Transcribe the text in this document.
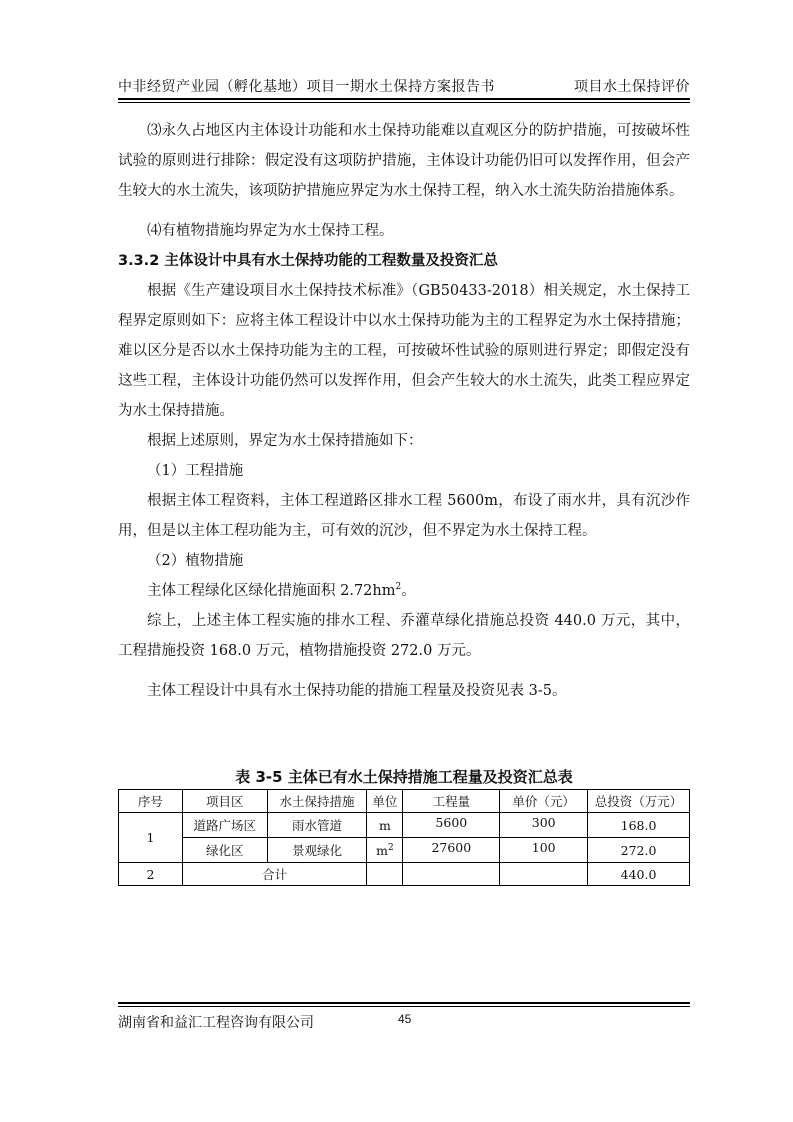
中非经贸产业园（孵化基地）项目一期水土保持方案报告书	项目水土保持评价

⑶永久占地区内主体设计功能和水土保持功能难以直观区分的防护措施，可按破坏性试验的原则进行排除：假定没有这项防护措施，主体设计功能仍旧可以发挥作用，但会产生较大的水土流失，该项防护措施应界定为水土保持工程，纳入水土流失防治措施体系。

⑷有植物措施均界定为水土保持工程。

3.3.2 主体设计中具有水土保持功能的工程数量及投资汇总

根据《生产建设项目水土保持技术标准》（GB50433-2018）相关规定，水土保持工程界定原则如下：应将主体工程设计中以水土保持功能为主的工程界定为水土保持措施；难以区分是否以水土保持功能为主的工程，可按破坏性试验的原则进行界定；即假定没有这些工程，主体设计功能仍然可以发挥作用，但会产生较大的水土流失，此类工程应界定为水土保持措施。

根据上述原则，界定为水土保持措施如下：

（1）工程措施

根据主体工程资料，主体工程道路区排水工程 5600m，布设了雨水井，具有沉沙作用，但是以主体工程功能为主，可有效的沉沙，但不界定为水土保持工程。

（2）植物措施

主体工程绿化区绿化措施面积 $2.72hm^2$。

综上，上述主体工程实施的排水工程、乔灌草绿化措施总投资 440.0 万元，其中，工程措施投资 168.0 万元，植物措施投资 272.0 万元。

主体工程设计中具有水土保持功能的措施工程量及投资见表 3-5。

表 3-5 主体已有水土保持措施工程量及投资汇总表
序号	项目区	水土保持措施	单位	工程量	单价（元）	总投资（万元）
1	道路广场区	雨水管道	m	5600	300	168.0
	绿化区	景观绿化	$m^2$	27600	100	272.0
2	合计					440.0
湖南省和益汇工程咨询有限公司	45
